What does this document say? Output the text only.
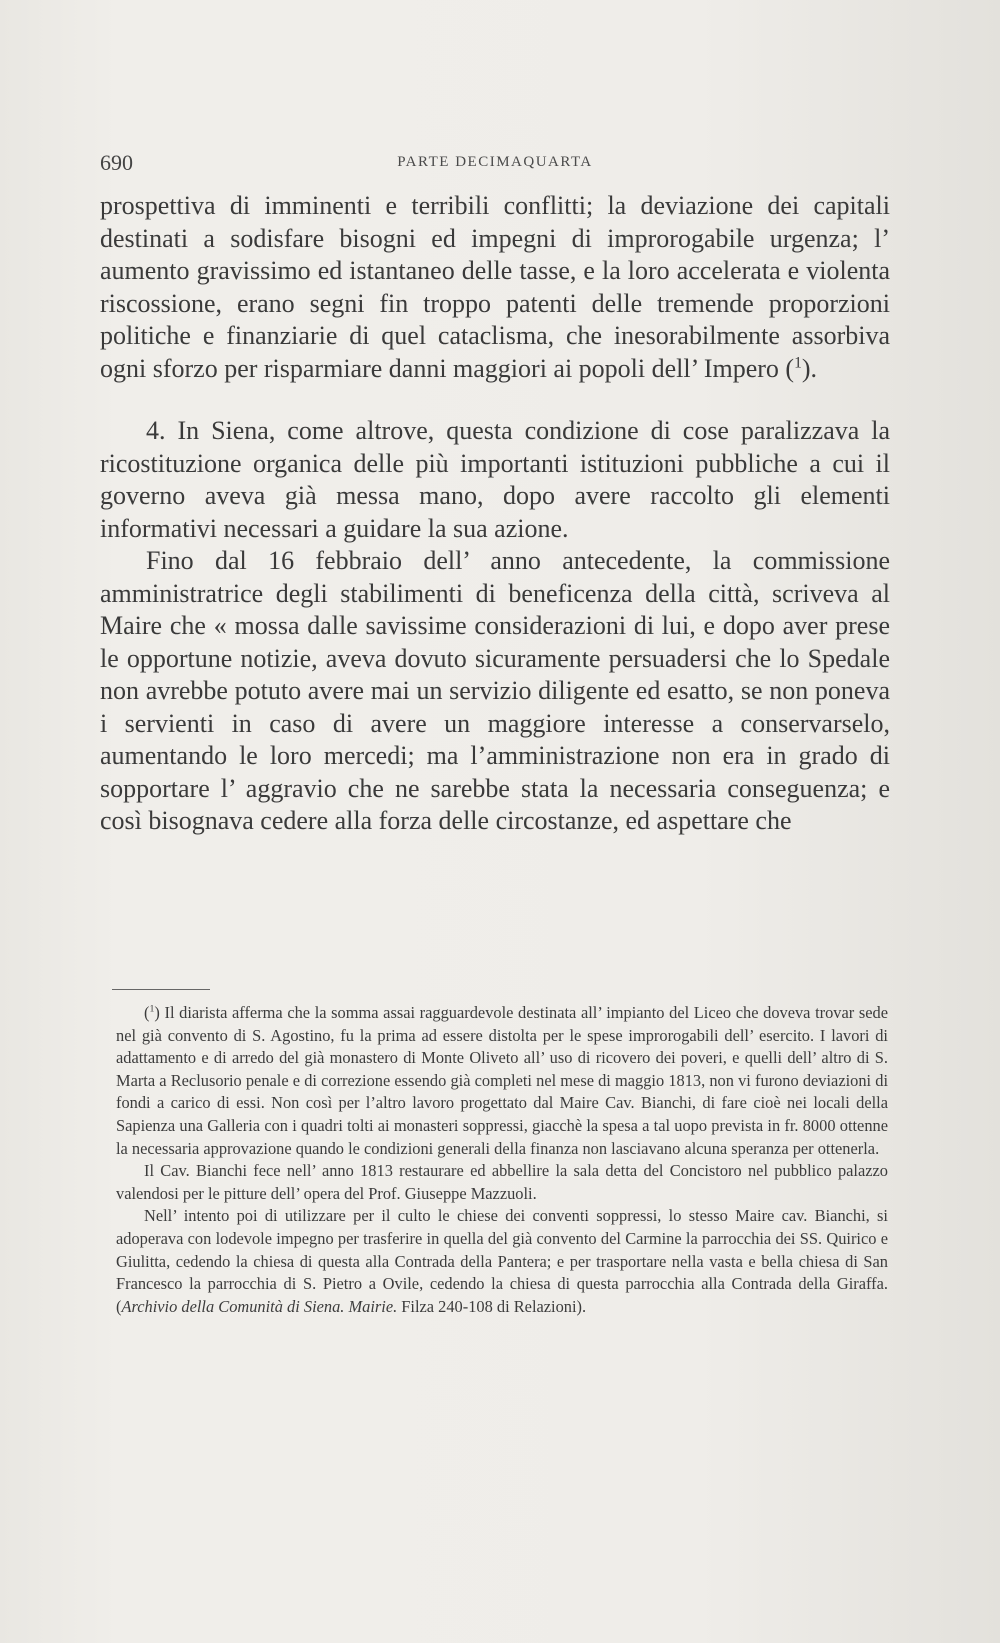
690	PARTE DECIMAQUARTA

prospettiva di imminenti e terribili conflitti; la deviazione dei capitali destinati a sodisfare bisogni ed impegni di improrogabile urgenza; l’ aumento gravissimo ed istantaneo delle tasse, e la loro accelerata e violenta riscossione, erano segni fin troppo patenti delle tremende proporzioni politiche e finanziarie di quel cataclisma, che inesorabilmente assorbiva ogni sforzo per risparmiare danni maggiori ai popoli dell’ Impero ($^1$).

4. In Siena, come altrove, questa condizione di cose paralizzava la ricostituzione organica delle più importanti istituzioni pubbliche a cui il governo aveva già messa mano, dopo avere raccolto gli elementi informativi necessari a guidare la sua azione.

Fino dal 16 febbraio dell’ anno antecedente, la commissione amministratrice degli stabilimenti di beneficenza della città, scriveva al Maire che « mossa dalle savissime considerazioni di lui, e dopo aver prese le opportune notizie, aveva dovuto sicuramente persuadersi che lo Spedale non avrebbe potuto avere mai un servizio diligente ed esatto, se non poneva i servienti in caso di avere un maggiore interesse a conservarselo, aumentando le loro mercedi; ma l’amministrazione non era in grado di sopportare l’ aggravio che ne sarebbe stata la necessaria conseguenza; e così bisognava cedere alla forza delle circostanze, ed aspettare che

($^1$) Il diarista afferma che la somma assai ragguardevole destinata all’ impianto del Liceo che doveva trovar sede nel già convento di S. Agostino, fu la prima ad essere distolta per le spese improrogabili dell’ esercito. I lavori di adattamento e di arredo del già monastero di Monte Oliveto all’ uso di ricovero dei poveri, e quelli dell’ altro di S. Marta a Reclusorio penale e di correzione essendo già completi nel mese di maggio 1813, non vi furono deviazioni di fondi a carico di essi. Non così per l’altro lavoro progettato dal Maire Cav. Bianchi, di fare cioè nei locali della Sapienza una Galleria con i quadri tolti ai monasteri soppressi, giacchè la spesa a tal uopo prevista in fr. 8000 ottenne la necessaria approvazione quando le condizioni generali della finanza non lasciavano alcuna speranza per ottenerla.

Il Cav. Bianchi fece nell’ anno 1813 restaurare ed abbellire la sala detta del Concistoro nel pubblico palazzo valendosi per le pitture dell’ opera del Prof. Giuseppe Mazzuoli.

Nell’ intento poi di utilizzare per il culto le chiese dei conventi soppressi, lo stesso Maire cav. Bianchi, si adoperava con lodevole impegno per trasferire in quella del già convento del Carmine la parrocchia dei SS. Quirico e Giulitta, cedendo la chiesa di questa alla Contrada della Pantera; e per trasportare nella vasta e bella chiesa di San Francesco la parrocchia di S. Pietro a Ovile, cedendo la chiesa di questa parrocchia alla Contrada della Giraffa. (Archivio della Comunità di Siena. Mairie. Filza 240-108 di Relazioni).
